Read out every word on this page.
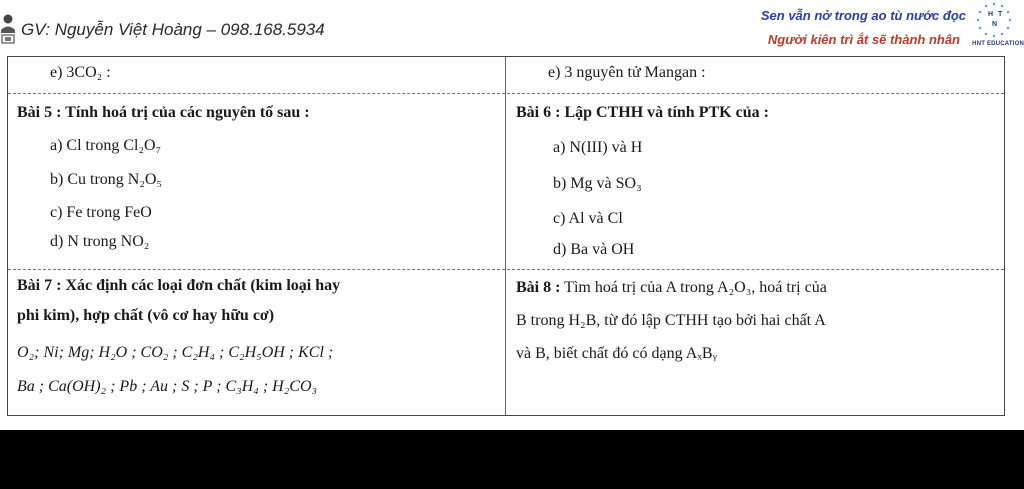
GV: Nguyễn Việt Hoàng – 098.168.5934
Sen vẫn nở trong ao tù nước đọc
Người kiên trì ắt sẽ thành nhân
H T
N
HNT EDUCATION
e) 3CO₂ :	e) 3 nguyên tử Mangan :
Bài 5 : Tính hoá trị của các nguyên tố sau :
a) Cl trong Cl₂O₇
b) Cu trong N₂O₅
c) Fe trong FeO
d) N trong NO₂
Bài 6 : Lập CTHH và tính PTK của :
a) N(III) và H
b) Mg và SO₃
c) Al và Cl
d) Ba và OH
Bài 7 : Xác định các loại đơn chất (kim loại hay
phi kim), hợp chất (vô cơ hay hữu cơ)
O₂; Ni; Mg; H₂O ; CO₂ ; C₂H₄ ; C₂H₅OH ; KCl ;
Ba ; Ca(OH)₂ ; Pb ; Au ; S ; P ; C₃H₄ ; H₂CO₃
Bài 8 : Tìm hoá trị của A trong A₂O₃, hoá trị của
B trong H₂B, từ đó lập CTHH tạo bởi hai chất A
và B, biết chất đó có dạng AₓBᵧ
